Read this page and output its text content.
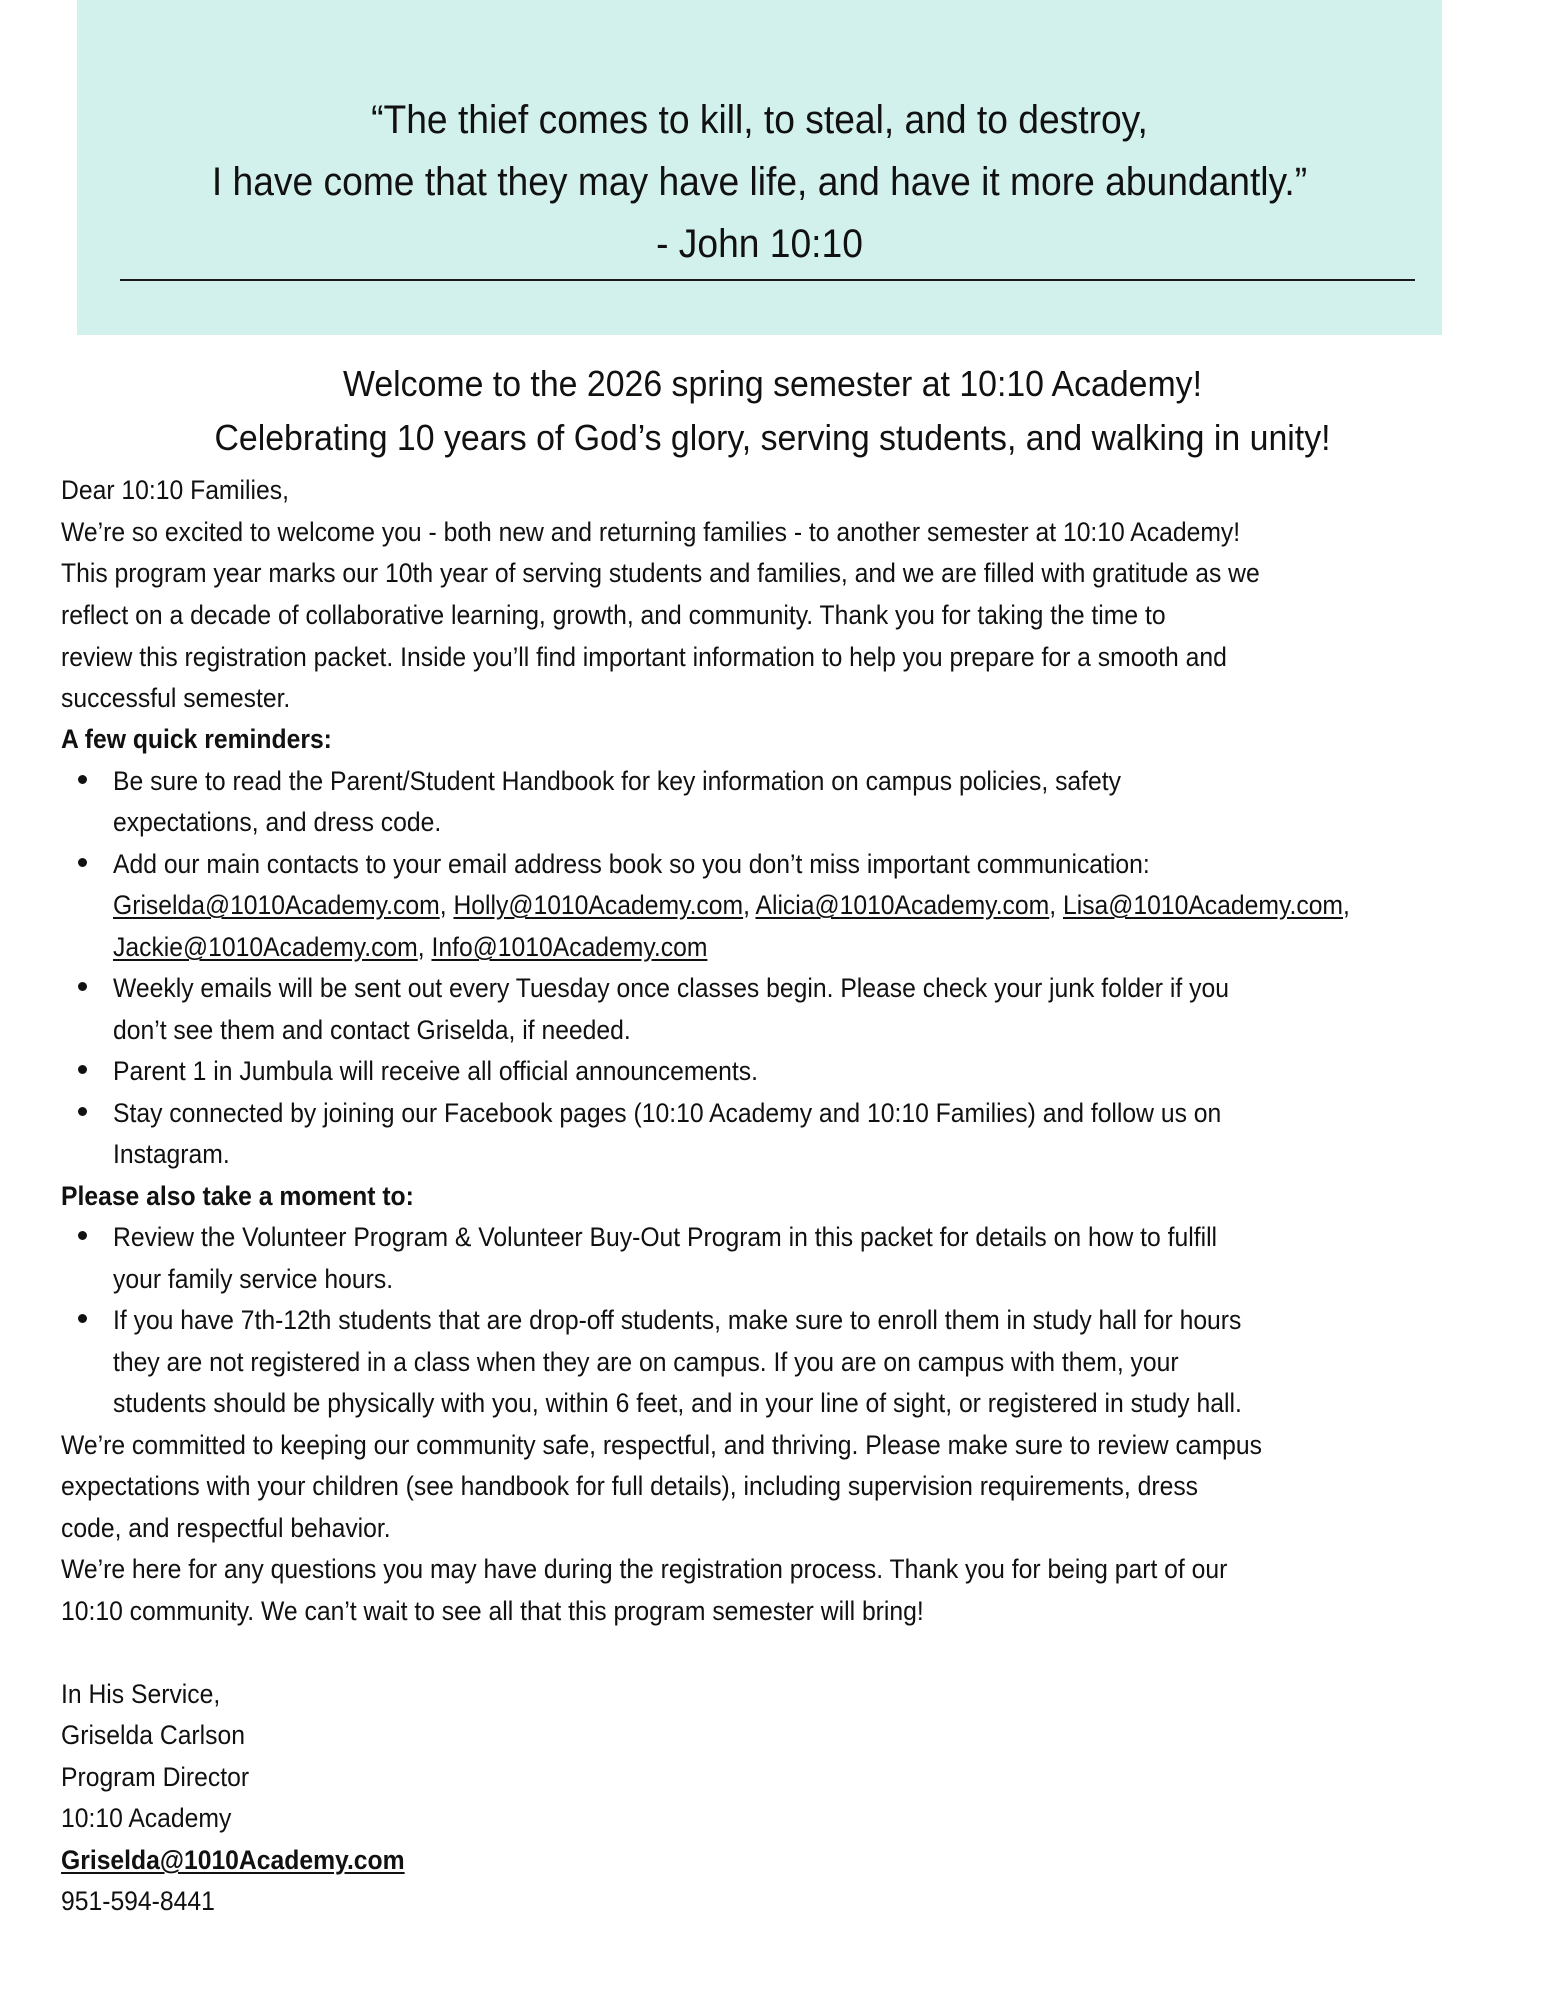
“The thief comes to kill, to steal, and to destroy,
I have come that they may have life, and have it more abundantly.”
- John 10:10
Welcome to the 2026 spring semester at 10:10 Academy!
Celebrating 10 years of God’s glory, serving students, and walking in unity!
Dear 10:10 Families,
We’re so excited to welcome you - both new and returning families - to another semester at 10:10 Academy!
This program year marks our 10th year of serving students and families, and we are filled with gratitude as we
reflect on a decade of collaborative learning, growth, and community. Thank you for taking the time to
review this registration packet. Inside you’ll find important information to help you prepare for a smooth and
successful semester.
A few quick reminders:
Be sure to read the Parent/Student Handbook for key information on campus policies, safety
expectations, and dress code.
Add our main contacts to your email address book so you don’t miss important communication:
Griselda@1010Academy.com, Holly@1010Academy.com, Alicia@1010Academy.com, Lisa@1010Academy.com,
Jackie@1010Academy.com, Info@1010Academy.com
Weekly emails will be sent out every Tuesday once classes begin. Please check your junk folder if you
don’t see them and contact Griselda, if needed.
Parent 1 in Jumbula will receive all official announcements.
Stay connected by joining our Facebook pages (10:10 Academy and 10:10 Families) and follow us on
Instagram.
Please also take a moment to:
Review the Volunteer Program & Volunteer Buy-Out Program in this packet for details on how to fulfill
your family service hours.
If you have 7th-12th students that are drop-off students, make sure to enroll them in study hall for hours
they are not registered in a class when they are on campus. If you are on campus with them, your
students should be physically with you, within 6 feet, and in your line of sight, or registered in study hall.
We’re committed to keeping our community safe, respectful, and thriving. Please make sure to review campus
expectations with your children (see handbook for full details), including supervision requirements, dress
code, and respectful behavior.
We’re here for any questions you may have during the registration process. Thank you for being part of our
10:10 community. We can’t wait to see all that this program semester will bring!
In His Service,
Griselda Carlson
Program Director
10:10 Academy
Griselda@1010Academy.com
951-594-8441
